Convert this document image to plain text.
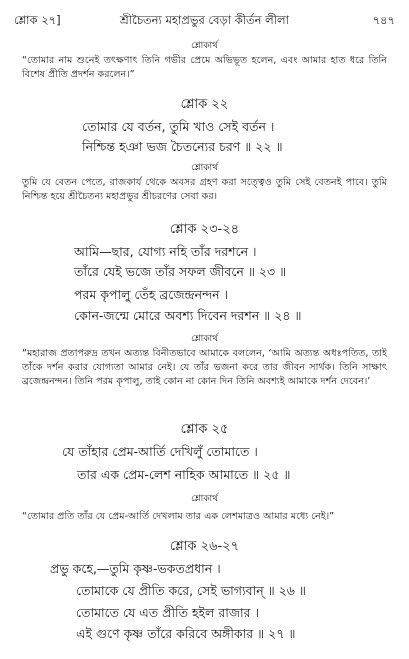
শ্লোক ২৭]	শ্রীচৈতন্য মহাপ্রভুর বেড়া কীর্তন লীলা	৭৪৭
শ্লোকার্থ
“তোমার নাম শুনেই তৎক্ষণাৎ তিনি গভীর প্রেমে অভিভূত হলেন, এবং আমার হাত ধরে তিনি বিশেষ প্রীতি প্রদর্শন করলেন।”
শ্লোক ২২
তোমার যে বর্তন, তুমি খাও সেই বর্তন ।
নিশ্চিন্ত হঞা ভজ চৈতন্যের চরণ ॥ ২২ ॥
শ্লোকার্থ
তুমি যে বেতন পেতে, রাজকার্য থেকে অবসর গ্রহণ করা সত্ত্বেও তুমি সেই বেতনই পাবে। তুমি নিশ্চিন্ত হয়ে শ্রীচৈতন্য মহাপ্রভুর শ্রীচরণের সেবা কর।
শ্লোক ২৩-২৪
আমি—ছার, যোগ্য নহি তাঁর দরশনে ।
তাঁরে যেই ভজে তাঁর সফল জীবনে ॥ ২৩ ॥
পরম কৃপালু তেঁহ ব্রজেন্দ্রনন্দন ।
কোন-জন্মে মোরে অবশ্য দিবেন দরশন ॥ ২৪ ॥
শ্লোকার্থ
“মহারাজ প্রতাপরুদ্র তখন অত্যন্ত বিনীতভাবে আমাকে বললেন, ‘আমি অত্যন্ত অধঃপতিত, তাই তাঁকে দর্শন করার যোগ্যতা আমার নেই। যে তাঁর ভজনা করে তার জীবন সার্থক। তিনি সাক্ষাৎ ব্রজেন্দ্রনন্দন। তিনি পরম কৃপালু, তাই কোন না কোন দিন তিনি অবশ্যই আমাকে দর্শন দেবেন।’
শ্লোক ২৫
যে তাঁহার প্রেম-আর্তি দেখিলুঁ তোমাতে ।
তার এক প্রেম-লেশ নাহিক আমাতে ॥ ২৫ ॥
শ্লোকার্থ
“তোমার প্রতি তাঁর যে প্রেম-আর্তি দেখলাম তার এক লেশমাত্রও আমার মধ্যে নেই।”
শ্লোক ২৬-২৭
প্রভু কহে,—তুমি কৃষ্ণ-ভকতপ্রধান ।
তোমাকে যে প্রীতি করে, সেই ভাগ্যবান্ ॥ ২৬ ॥
তোমাতে যে এত প্রীতি হইল রাজার ।
এই গুণে কৃষ্ণ তাঁরে করিবে অঙ্গীকার ॥ ২৭ ॥
